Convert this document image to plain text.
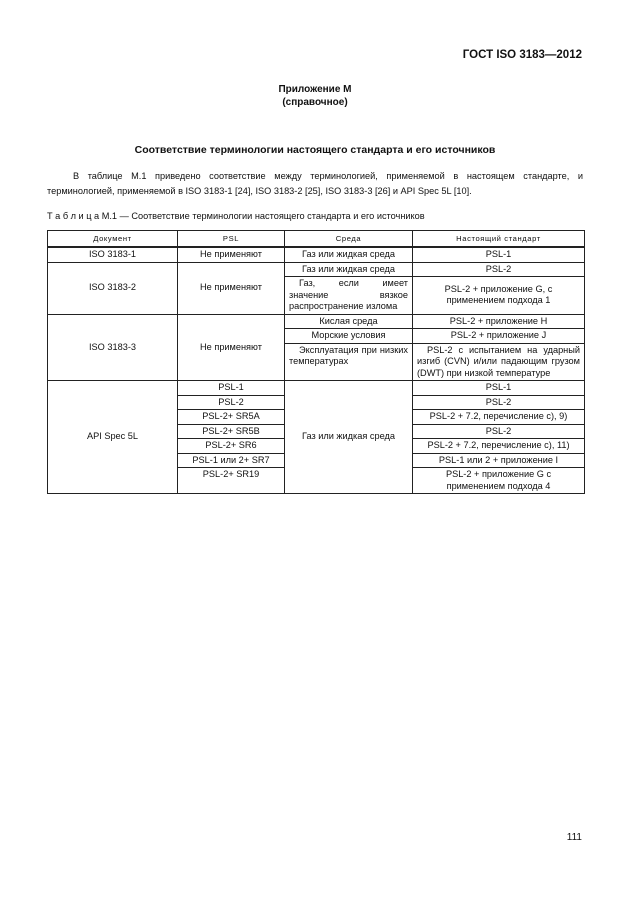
ГОСТ ISO 3183—2012
Приложение М
(справочное)
Соответствие терминологии настоящего стандарта и его источников

В таблице М.1 приведено соответствие между терминологией, применяемой в настоящем стандарте, и терминологией, применяемой в ISO 3183-1 [24], ISO 3183-2 [25], ISO 3183-3 [26] и API Spec 5L [10].

Т а б л и ц а М.1 — Соответствие терминологии настоящего стандарта и его источников
Документ	PSL	Среда	Настоящий стандарт
ISO 3183-1	Не применяют	Газ или жидкая среда	PSL-1
ISO 3183-2	Не применяют	Газ или жидкая среда	PSL-2
		Газ, если имеет значение вязкое распространение излома	PSL-2 + приложение G, с применением подхода 1
ISO 3183-3	Не применяют	Кислая среда	PSL-2 + приложение H
		Морские условия	PSL-2 + приложение J
		Эксплуатация при низких температурах	PSL-2 с испытанием на ударный изгиб (CVN) и/или падающим грузом (DWT) при низкой температуре
API Spec 5L	PSL-1	Газ или жидкая среда	PSL-1
	PSL-2		PSL-2
	PSL-2+ SR5A		PSL-2 + 7.2, перечисление с), 9)
	PSL-2+ SR5B		PSL-2
	PSL-2+ SR6		PSL-2 + 7.2, перечисление с), 11)
	PSL-1 или 2+ SR7		PSL-1 или 2 + приложение I
	PSL-2+ SR19		PSL-2 + приложение G с применением подхода 4
111
